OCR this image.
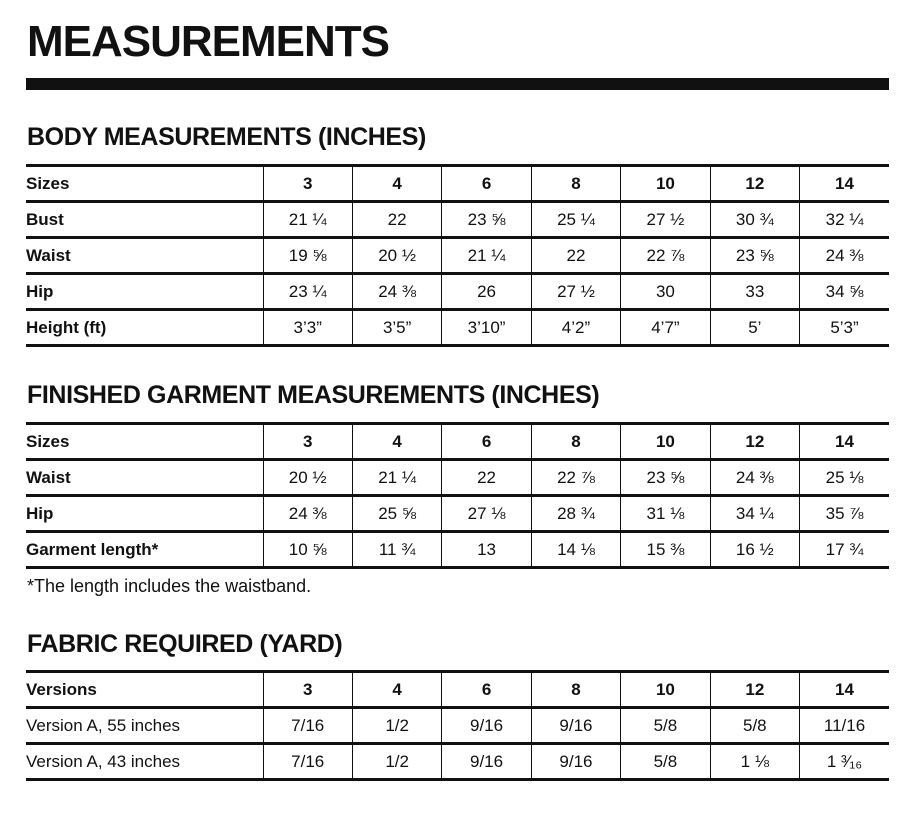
MEASUREMENTS
BODY MEASUREMENTS (INCHES)
Sizes	3	4	6	8	10	12	14
Bust	21 ¼	22	23 ⅝	25 ¼	27 ½	30 ¾	32 ¼
Waist	19 ⅝	20 ½	21 ¼	22	22 ⅞	23 ⅝	24 ⅜
Hip	23 ¼	24 ⅜	26	27 ½	30	33	34 ⅝
Height (ft)	3’3”	3’5”	3’10”	4’2”	4’7”	5’	5’3”
FINISHED GARMENT MEASUREMENTS (INCHES)
Sizes	3	4	6	8	10	12	14
Waist	20 ½	21 ¼	22	22 ⅞	23 ⅝	24 ⅜	25 ⅛
Hip	24 ⅜	25 ⅝	27 ⅛	28 ¾	31 ⅛	34 ¼	35 ⅞
Garment length*	10 ⅝	11 ¾	13	14 ⅛	15 ⅜	16 ½	17 ¾
*The length includes the waistband.
FABRIC REQUIRED (YARD)
Versions	3	4	6	8	10	12	14
Version A, 55 inches	7/16	1/2	9/16	9/16	5/8	5/8	11/16
Version A, 43 inches	7/16	1/2	9/16	9/16	5/8	1 ⅛	1 ³⁄₁₆
